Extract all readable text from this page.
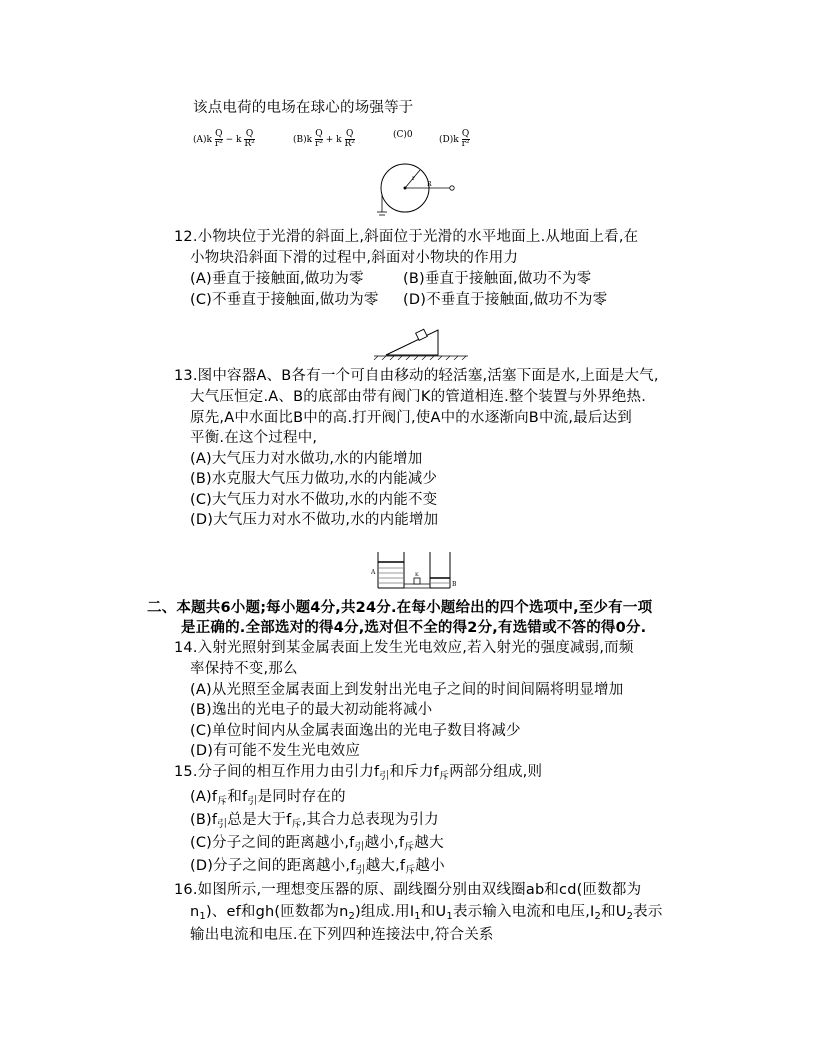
该点电荷的电场在球心的场强等于
$(A)k \frac{Q}{\text{r²}} - k \frac{Q}{\text{R²}}$	$(B)k \frac{Q}{\text{r²}} + k \frac{Q}{\text{R²}}$	(C)0	$(D)k \frac{Q}{\text{r²}}$
r
R
12.小物块位于光滑的斜面上,斜面位于光滑的水平地面上.从地面上看,在
小物块沿斜面下滑的过程中,斜面对小物块的作用力
(A)垂直于接触面,做功为零	(B)垂直于接触面,做功不为零
(C)不垂直于接触面,做功为零 (D)不垂直于接触面,做功不为零
13.图中容器A、B各有一个可自由移动的轻活塞,活塞下面是水,上面是大气,
大气压恒定.A、B的底部由带有阀门K的管道相连.整个装置与外界绝热.
原先,A中水面比B中的高.打开阀门,使A中的水逐渐向B中流,最后达到
平衡.在这个过程中,
(A)大气压力对水做功,水的内能增加
(B)水克服大气压力做功,水的内能减少
(C)大气压力对水不做功,水的内能不变
(D)大气压力对水不做功,水的内能增加
A
B
K
二、本题共6小题;每小题4分,共24分.在每小题给出的四个选项中,至少有一项
是正确的.全部选对的得4分,选对但不全的得2分,有选错或不答的得0分.
14.入射光照射到某金属表面上发生光电效应,若入射光的强度减弱,而频
率保持不变,那么
(A)从光照至金属表面上到发射出光电子之间的时间间隔将明显增加
(B)逸出的光电子的最大初动能将减小
(C)单位时间内从金属表面逸出的光电子数目将减少
(D)有可能不发生光电效应
15.分子间的相互作用力由引力$f_引$和斥力$f_斥$两部分组成,则
$(A)f_斥$和$f_引$是同时存在的
$(B)f_引$总是大于$f_斥$,其合力总表现为引力
(C)分子之间的距离越小$,f_引$越小$,f_斥$越大
(D)分子之间的距离越小$,f_引$越大$,f_斥$越小
16.如图所示,一理想变压器的原、副线圈分别由双线圈ab和cd(匝数都为
$n_1$)、ef和gh(匝数都为$n_2$)组成.用$I_1$和$U_1$表示输入电流和电压$,I_2$和$U_2$表示
输出电流和电压.在下列四种连接法中,符合关系
